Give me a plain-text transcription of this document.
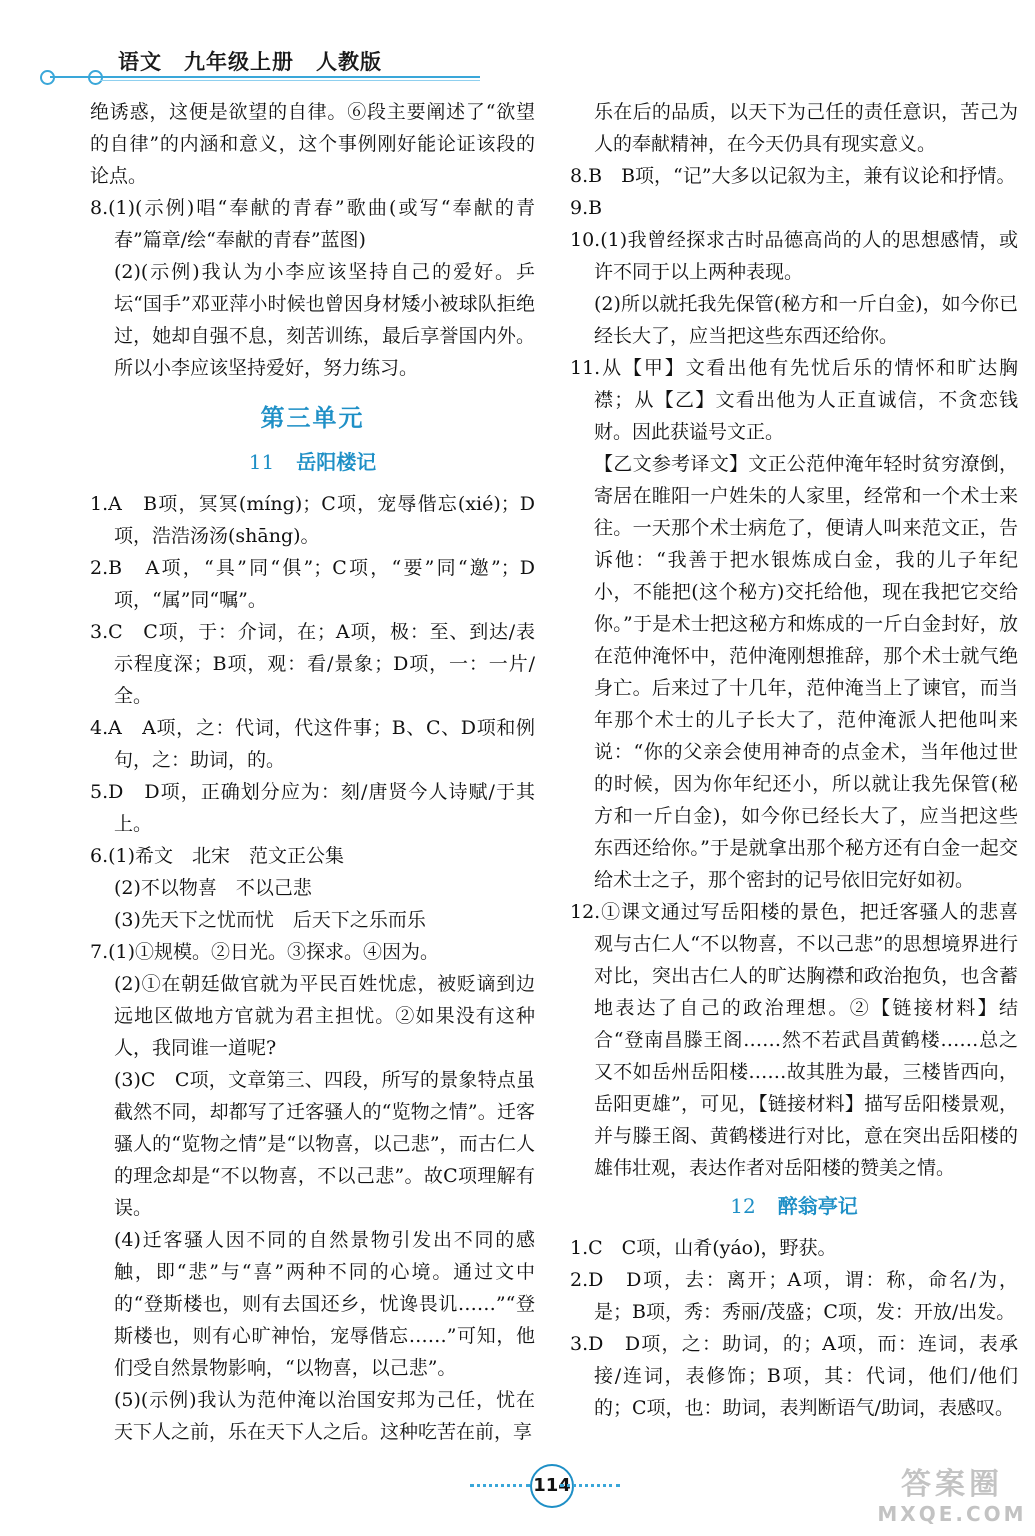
语文　九年级上册　人教版

绝诱惑，这便是欲望的自律。⑥段主要阐述了“欲望的自律”的内涵和意义，这个事例刚好能论证该段的论点。

8.(1)(示例)唱“奉献的青春”歌曲(或写“奉献的青春”篇章/绘“奉献的青春”蓝图)

(2)(示例)我认为小李应该坚持自己的爱好。乒坛“国手”邓亚萍小时候也曾因身材矮小被球队拒绝过，她却自强不息，刻苦训练，最后享誉国内外。所以小李应该坚持爱好，努力练习。

第三单元
11 岳阳楼记

1.A　B项，冥冥(míng)；C项，宠辱偕忘(xié)；D项，浩浩汤汤(shāng)。

2.B　A项，“具”同“俱”；C项，“要”同“邀”；D项，“属”同“嘱”。

3.C　C项，于：介词，在；A项，极：至、到达/表示程度深；B项，观：看/景象；D项，一：一片/全。

4.A　A项，之：代词，代这件事；B、C、D项和例句，之：助词，的。

5.D　D项，正确划分应为：刻/唐贤今人诗赋/于其上。

6.(1)希文　北宋　范文正公集

(2)不以物喜　不以己悲

(3)先天下之忧而忧　后天下之乐而乐

7.(1)①规模。②日光。③探求。④因为。

(2)①在朝廷做官就为平民百姓忧虑，被贬谪到边远地区做地方官就为君主担忧。②如果没有这种人，我同谁一道呢?

(3)C　C项，文章第三、四段，所写的景象特点虽截然不同，却都写了迁客骚人的“览物之情”。迁客骚人的“览物之情”是“以物喜，以己悲”，而古仁人的理念却是“不以物喜，不以己悲”。故C项理解有误。

(4)迁客骚人因不同的自然景物引发出不同的感触，即“悲”与“喜”两种不同的心境。通过文中的“登斯楼也，则有去国还乡，忧谗畏讥……”“登斯楼也，则有心旷神怡，宠辱偕忘……”可知，他们受自然景物影响，“以物喜，以己悲”。

(5)(示例)我认为范仲淹以治国安邦为己任，忧在天下人之前，乐在天下人之后。这种吃苦在前，享

乐在后的品质，以天下为己任的责任意识，苦己为人的奉献精神，在今天仍具有现实意义。

8.B　B项，“记”大多以记叙为主，兼有议论和抒情。

9.B

10.(1)我曾经探求古时品德高尚的人的思想感情，或许不同于以上两种表现。

(2)所以就托我先保管(秘方和一斤白金)，如今你已经长大了，应当把这些东西还给你。

11.从【甲】文看出他有先忧后乐的情怀和旷达胸襟；从【乙】文看出他为人正直诚信，不贪恋钱财。因此获谥号文正。

【乙文参考译文】文正公范仲淹年轻时贫穷潦倒，寄居在睢阳一户姓朱的人家里，经常和一个术士来往。一天那个术士病危了，便请人叫来范文正，告诉他：“我善于把水银炼成白金，我的儿子年纪小，不能把(这个秘方)交托给他，现在我把它交给你。”于是术士把这秘方和炼成的一斤白金封好，放在范仲淹怀中，范仲淹刚想推辞，那个术士就气绝身亡。后来过了十几年，范仲淹当上了谏官，而当年那个术士的儿子长大了，范仲淹派人把他叫来说：“你的父亲会使用神奇的点金术，当年他过世的时候，因为你年纪还小，所以就让我先保管(秘方和一斤白金)，如今你已经长大了，应当把这些东西还给你。”于是就拿出那个秘方还有白金一起交给术士之子，那个密封的记号依旧完好如初。

12.①课文通过写岳阳楼的景色，把迁客骚人的悲喜观与古仁人“不以物喜，不以己悲”的思想境界进行对比，突出古仁人的旷达胸襟和政治抱负，也含蓄地表达了自己的政治理想。②【链接材料】结合“登南昌滕王阁……然不若武昌黄鹤楼……总之又不如岳州岳阳楼……故其胜为最，三楼皆西向，岳阳更雄”，可见，【链接材料】描写岳阳楼景观，并与滕王阁、黄鹤楼进行对比，意在突出岳阳楼的雄伟壮观，表达作者对岳阳楼的赞美之情。

12 醉翁亭记

1.C　C项，山肴(yáo)，野获。

2.D　D项，去：离开；A项，谓：称，命名/为，是；B项，秀：秀丽/茂盛；C项，发：开放/出发。

3.D　D项，之：助词，的；A项，而：连词，表承接/连词，表修饰；B项，其：代词，他们/他们的；C项，也：助词，表判断语气/助词，表感叹。

114	答案圈
MXQE.COM
